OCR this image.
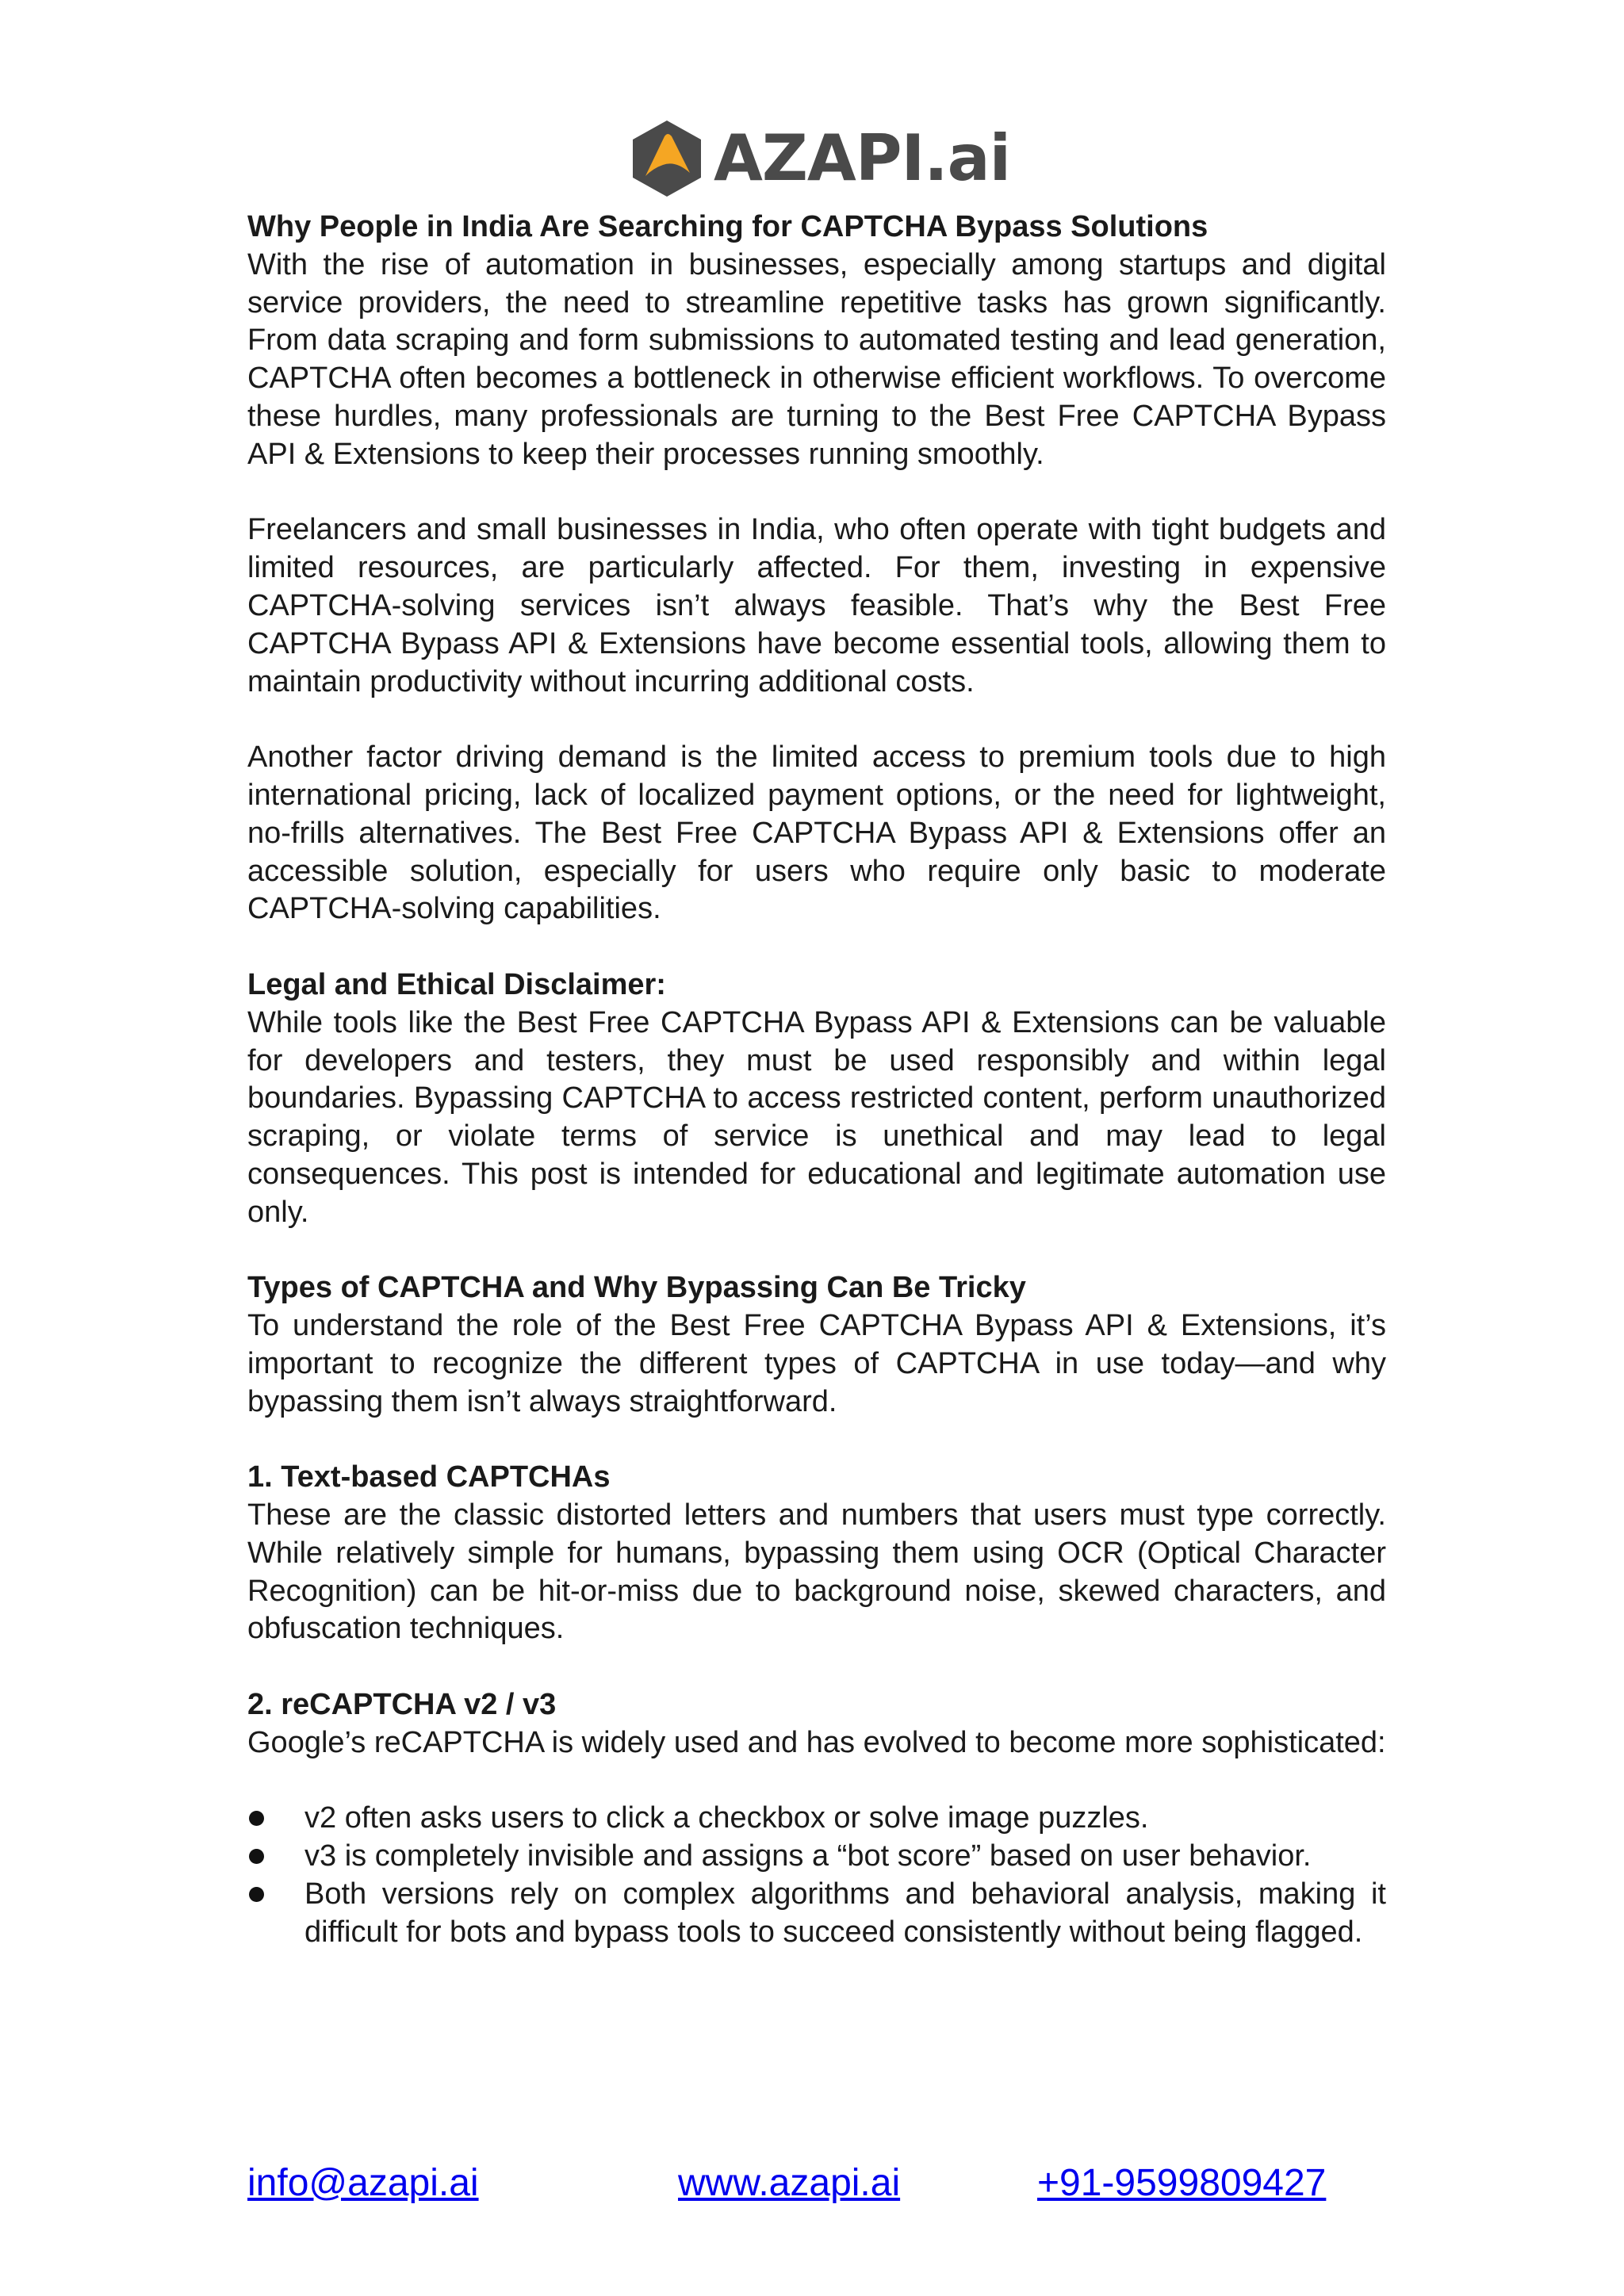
AZAPI.ai
Why People in India Are Searching for CAPTCHA Bypass Solutions

With the rise of automation in businesses, especially among startups and digital service providers, the need to streamline repetitive tasks has grown significantly. From data scraping and form submissions to automated testing and lead generation, CAPTCHA often becomes a bottleneck in otherwise efficient workflows. To overcome these hurdles, many professionals are turning to the Best Free CAPTCHA Bypass API & Extensions to keep their processes running smoothly.

Freelancers and small businesses in India, who often operate with tight budgets and limited resources, are particularly affected. For them, investing in expensive CAPTCHA-solving services isn’t always feasible. That’s why the Best Free CAPTCHA Bypass API & Extensions have become essential tools, allowing them to maintain productivity without incurring additional costs.

Another factor driving demand is the limited access to premium tools due to high international pricing, lack of localized payment options, or the need for lightweight, no-frills alternatives. The Best Free CAPTCHA Bypass API & Extensions offer an accessible solution, especially for users who require only basic to moderate CAPTCHA-solving capabilities.

Legal and Ethical Disclaimer:

While tools like the Best Free CAPTCHA Bypass API & Extensions can be valuable for developers and testers, they must be used responsibly and within legal boundaries. Bypassing CAPTCHA to access restricted content, perform unauthorized scraping, or violate terms of service is unethical and may lead to legal consequences. This post is intended for educational and legitimate automation use only.

Types of CAPTCHA and Why Bypassing Can Be Tricky

To understand the role of the Best Free CAPTCHA Bypass API & Extensions, it’s important to recognize the different types of CAPTCHA in use today—and why bypassing them isn’t always straightforward.

1. Text-based CAPTCHAs

These are the classic distorted letters and numbers that users must type correctly. While relatively simple for humans, bypassing them using OCR (Optical Character Recognition) can be hit-or-miss due to background noise, skewed characters, and obfuscation techniques.

2. reCAPTCHA v2 / v3

Google’s reCAPTCHA is widely used and has evolved to become more sophisticated:

v2 often asks users to click a checkbox or solve image puzzles.
v3 is completely invisible and assigns a “bot score” based on user behavior.
Both versions rely on complex algorithms and behavioral analysis, making it difficult for bots and bypass tools to succeed consistently without being flagged.
info@azapi.ai	www.azapi.ai	+91-9599809427
